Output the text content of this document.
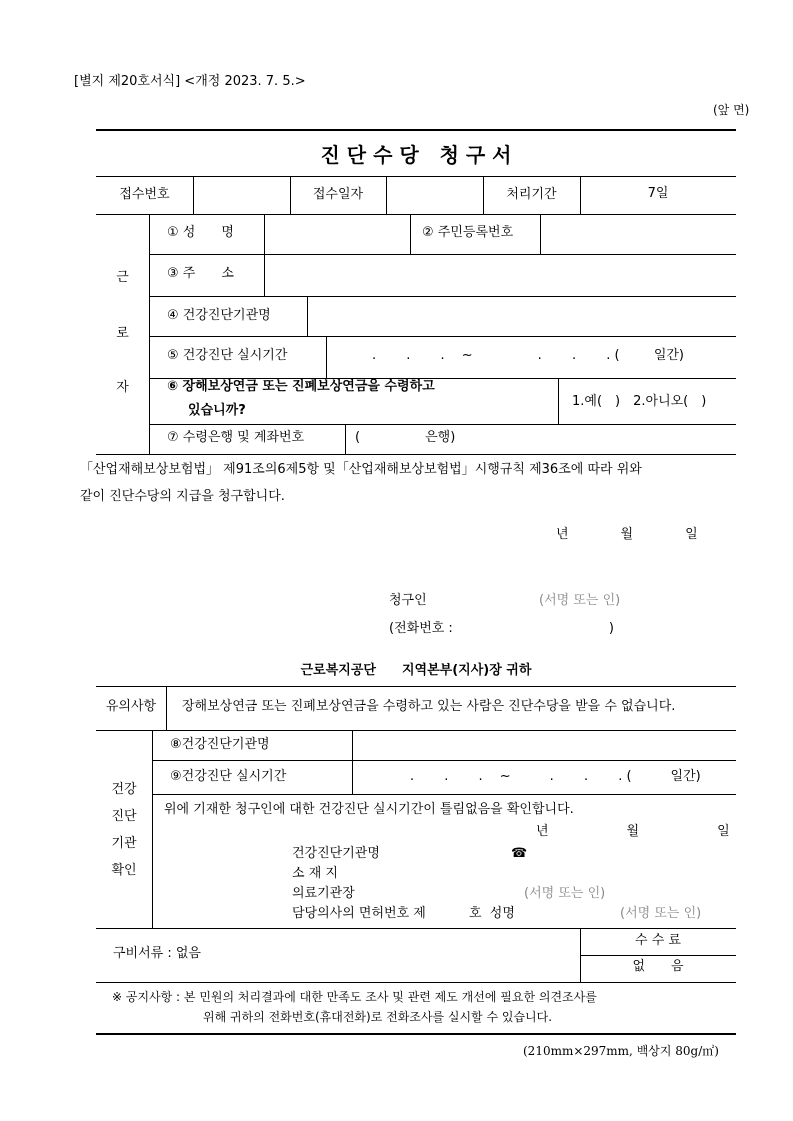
[별지 제20호서식] <개정 2023. 7. 5.>
(앞 면)
진 단 수 당   청 구 서
접수번호	접수일자	처리기간	7일
근
로
자
① 성　　명	② 주민등록번호
③ 주　　소
④ 건강진단기관명
⑤ 건강진단 실시기간	.　　 .　　 .　 ~　　　　　.　　 .　　 . (　　  일간)
⑥ 장해보상연금 또는 진폐보상연금을 수령하고
있습니까?
1.예(　)　2.아니오(　)
⑦ 수령은행 및 계좌번호	(　　　　　은행)
「산업재해보상보험법」 제91조의6제5항 및「산업재해보상보험법」시행규칙 제36조에 따라 위와
같이 진단수당의 지급을 청구합니다.
년　　　　월　　　　일
청구인	(서명 또는 인)
(전화번호 :　　　　　　　　　　　　)
근로복지공단　　지역본부(지사)장 귀하
유의사항	장해보상연금 또는 진폐보상연금을 수령하고 있는 사람은 진단수당을 받을 수 없습니다.
건강
진단
기관
확인
⑧건강진단기관명
⑨건강진단 실시기간	.　　 .　　 .　 ~　　　.　　 .　　 . (　　　일간)
위에 기재한 청구인에 대한 건강진단 실시기간이 틀림없음을 확인합니다.
년　　　　　　월　　　　　　일
건강진단기관명	☎
소 재 지
의료기관장	(서명 또는 인)
담당의사의 면허번호 제　　　 호  성명	(서명 또는 인)
구비서류 : 없음
수 수 료
없　　음
※ 공지사항 : 본 민원의 처리결과에 대한 만족도 조사 및 관련 제도 개선에 필요한 의견조사를
위해 귀하의 전화번호(휴대전화)로 전화조사를 실시할 수 있습니다.
(210mm×297mm, 백상지 80g/㎡)
